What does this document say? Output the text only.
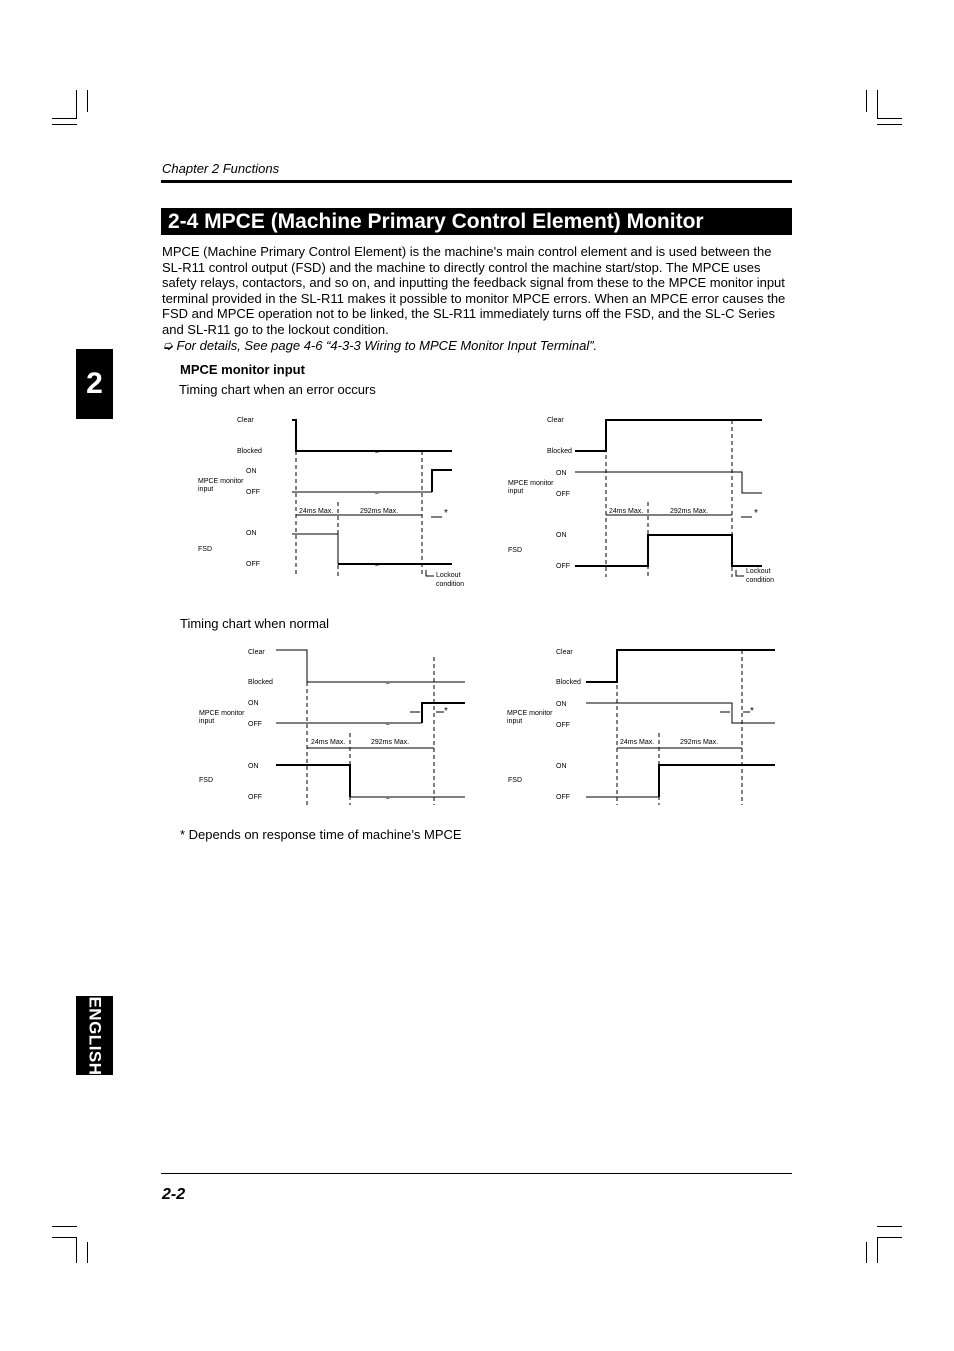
Chapter 2 Functions
2-4 MPCE (Machine Primary Control Element) Monitor

MPCE (Machine Primary Control Element) is the machine's main control element and is used between the SL-R11 control output (FSD) and the machine to directly control the machine start/stop. The MPCE uses safety relays, contactors, and so on, and inputting the feedback signal from these to the MPCE monitor input terminal provided in the SL-R11 makes it possible to monitor MPCE errors. When an MPCE error causes the FSD and MPCE operation not to be linked, the SL-R11 immediately turns off the FSD, and the SL-C Series and SL-R11 go to the lockout condition.

➭ For details, See page 4-6 “4-3-3 Wiring to MPCE Monitor Input Terminal”.

MPCE monitor input
Timing chart when an error occurs
Timing chart when normal
2
ENGLISH
Clear
Blocked	≈
ON
MPCE monitor
input	OFF	≈
24ms Max.	292ms Max.	*
ON
FSD
OFF	≈
Lockout
condition
Clear
Blocked
ON
MPCE monitor
input	OFF
24ms Max.	292ms Max.	*
ON
FSD
OFF
Lockout
condition
Clear
Blocked	≈
ON
MPCE monitor
input	OFF	≈
*
24ms Max.	292ms Max.
ON
FSD
OFF	≈
Clear
Blocked
ON
MPCE monitor
input
OFF
*
24ms Max.	292ms Max.
ON
FSD
OFF
* Depends on response time of machine’s MPCE
2-2
